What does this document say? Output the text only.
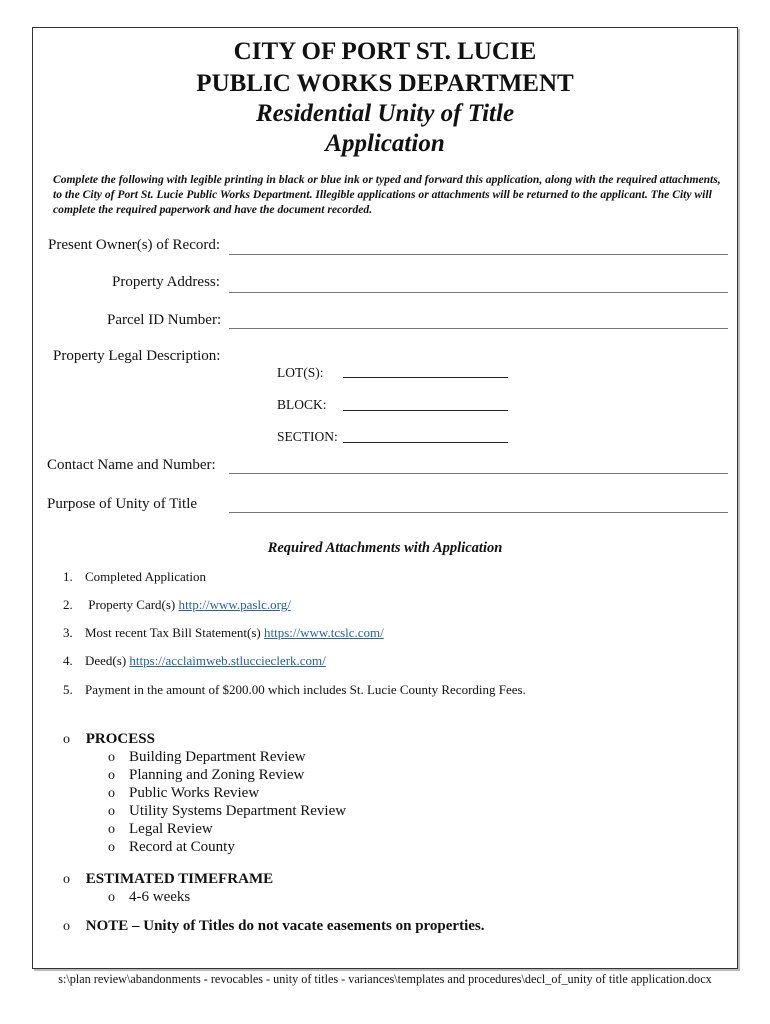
CITY OF PORT ST. LUCIE
PUBLIC WORKS DEPARTMENT
Residential Unity of Title
Application
Complete the following with legible printing in black or blue ink or typed and forward this application, along with the required attachments, to the City of Port St. Lucie Public Works Department. Illegible applications or attachments will be returned to the applicant. The City will complete the required paperwork and have the document recorded.
Present Owner(s) of Record:
Property Address:
Parcel ID Number:
Property Legal Description:
LOT(S):
BLOCK:
SECTION:
Contact Name and Number:
Purpose of Unity of Title
Required Attachments with Application
1. Completed Application
2.  Property Card(s) http://www.paslc.org/
3. Most recent Tax Bill Statement(s) https://www.tcslc.com/
4. Deed(s) https://acclaimweb.stluccieclerk.com/
5. Payment in the amount of $200.00 which includes St. Lucie County Recording Fees.
o PROCESS
o Building Department Review
o Planning and Zoning Review
o Public Works Review
o Utility Systems Department Review
o Legal Review
o Record at County
o ESTIMATED TIMEFRAME
o 4-6 weeks
o NOTE – Unity of Titles do not vacate easements on properties.
s:\plan review\abandonments - revocables - unity of titles - variances\templates and procedures\decl_of_unity of title application.docx
